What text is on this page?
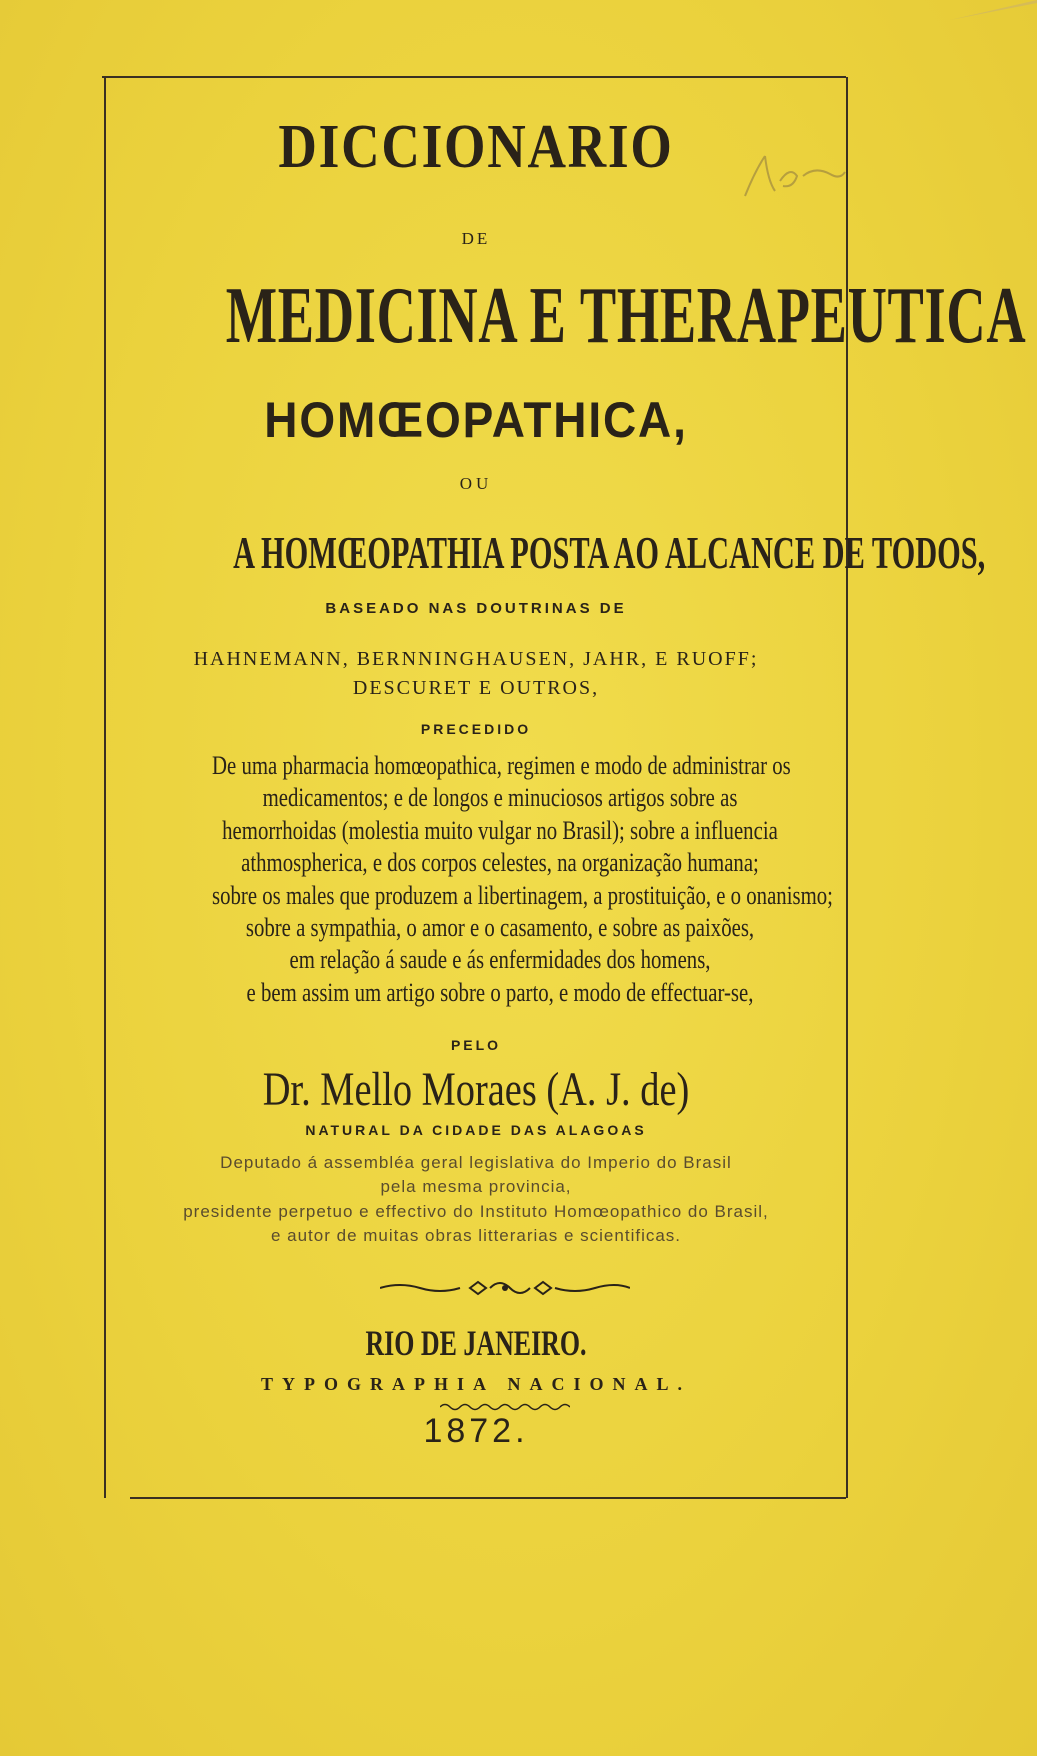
DICCIONARIO
DE
MEDICINA E THERAPEUTICA
HOMŒOPATHICA,
OU
A HOMŒOPATHIA POSTA AO ALCANCE DE TODOS,
BASEADO NAS DOUTRINAS DE
HAHNEMANN, BERNNINGHAUSEN, JAHR, E RUOFF;
DESCURET E OUTROS,
PRECEDIDO
De uma pharmacia homœopathica, regimen e modo de administrar os
medicamentos; e de longos e minuciosos artigos sobre as
hemorrhoidas (molestia muito vulgar no Brasil); sobre a influencia
athmospherica, e dos corpos celestes, na organização humana;
sobre os males que produzem a libertinagem, a prostituição, e o onanismo;
sobre a sympathia, o amor e o casamento, e sobre as paixões,
em relação á saude e ás enfermidades dos homens,
e bem assim um artigo sobre o parto, e modo de effectuar-se,
PELO
Dr. Mello Moraes (A. J. de)
NATURAL DA CIDADE DAS ALAGOAS
Deputado á assembléa geral legislativa do Imperio do Brasil
pela mesma provincia,
presidente perpetuo e effectivo do Instituto Homœopathico do Brasil,
e autor de muitas obras litterarias e scientificas.
RIO DE JANEIRO.
TYPOGRAPHIA NACIONAL.
1872.
